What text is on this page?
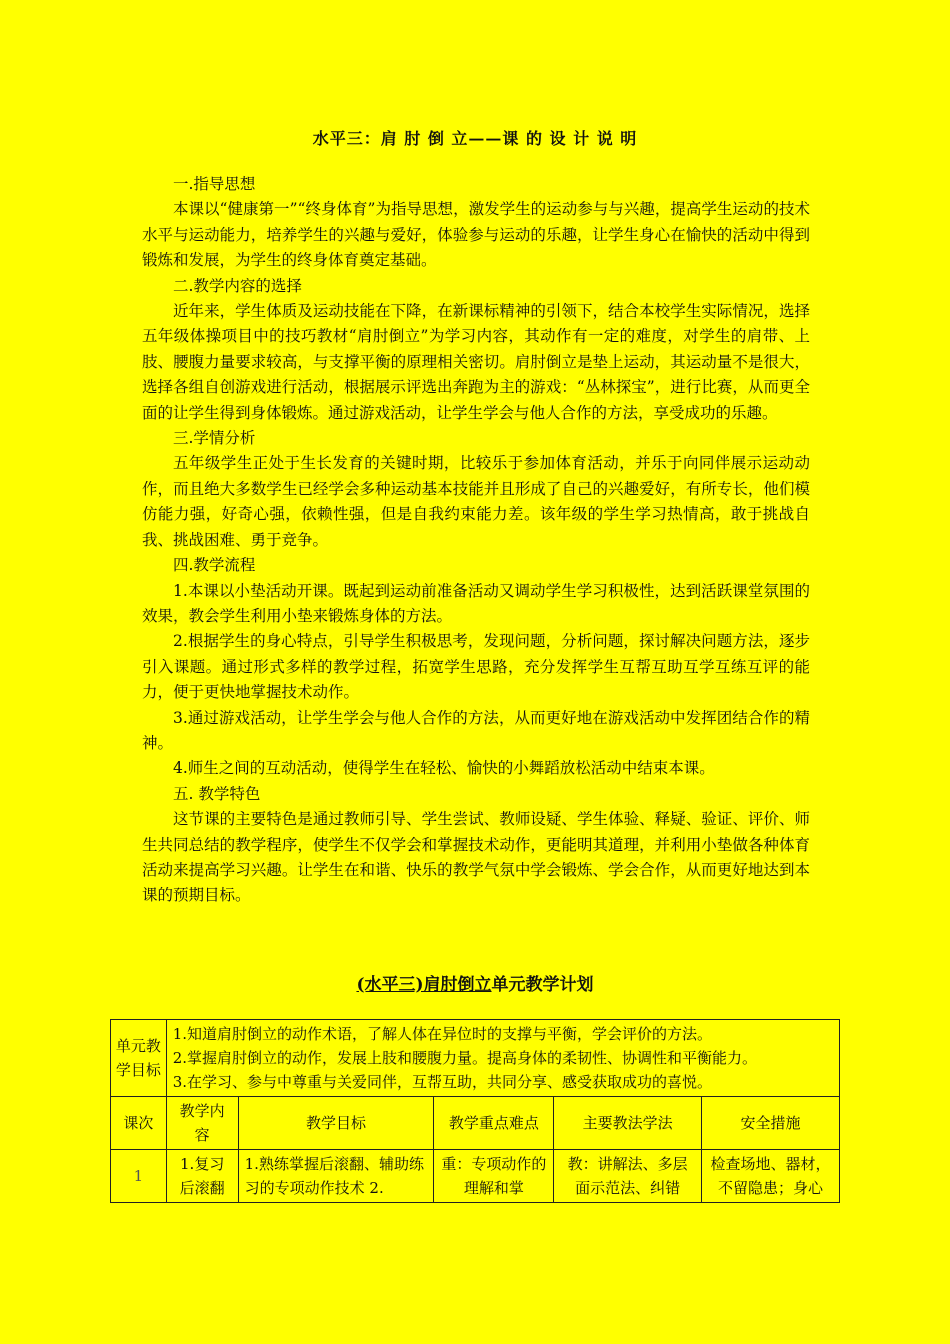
水平三：肩 肘 倒 立——课 的 设 计 说 明

一.指导思想

本课以“健康第一”“终身体育”为指导思想，激发学生的运动参与与兴趣，提高学生运动的技术水平与运动能力，培养学生的兴趣与爱好，体验参与运动的乐趣，让学生身心在愉快的活动中得到锻炼和发展，为学生的终身体育奠定基础。

二.教学内容的选择

近年来，学生体质及运动技能在下降，在新课标精神的引领下，结合本校学生实际情况，选择五年级体操项目中的技巧教材“肩肘倒立”为学习内容，其动作有一定的难度，对学生的肩带、上肢、腰腹力量要求较高，与支撑平衡的原理相关密切。肩肘倒立是垫上运动，其运动量不是很大，选择各组自创游戏进行活动，根据展示评选出奔跑为主的游戏：“丛林探宝”，进行比赛，从而更全面的让学生得到身体锻炼。通过游戏活动，让学生学会与他人合作的方法，享受成功的乐趣。

三.学情分析

五年级学生正处于生长发育的关键时期，比较乐于参加体育活动，并乐于向同伴展示运动动作，而且绝大多数学生已经学会多种运动基本技能并且形成了自己的兴趣爱好，有所专长，他们模仿能力强，好奇心强，依赖性强，但是自我约束能力差。该年级的学生学习热情高，敢于挑战自我、挑战困难、勇于竞争。

四.教学流程

1.本课以小垫活动开课。既起到运动前准备活动又调动学生学习积极性，达到活跃课堂氛围的效果，教会学生利用小垫来锻炼身体的方法。

2.根据学生的身心特点，引导学生积极思考，发现问题，分析问题，探讨解决问题方法，逐步引入课题。通过形式多样的教学过程，拓宽学生思路，充分发挥学生互帮互助互学互练互评的能力，便于更快地掌握技术动作。

3.通过游戏活动，让学生学会与他人合作的方法，从而更好地在游戏活动中发挥团结合作的精神。

4.师生之间的互动活动，使得学生在轻松、愉快的小舞蹈放松活动中结束本课。

五. 教学特色

这节课的主要特色是通过教师引导、学生尝试、教师设疑、学生体验、释疑、验证、评价、师生共同总结的教学程序，使学生不仅学会和掌握技术动作，更能明其道理，并利用小垫做各种体育活动来提高学习兴趣。让学生在和谐、快乐的教学气氛中学会锻炼、学会合作，从而更好地达到本课的预期目标。

(水平三)肩肘倒立单元教学计划
单元教学目标	1.知道肩肘倒立的动作术语，了解人体在异位时的支撑与平衡，学会评价的方法。
2.掌握肩肘倒立的动作，发展上肢和腰腹力量。提高身体的柔韧性、协调性和平衡能力。
3.在学习、参与中尊重与关爱同伴，互帮互助，共同分享、感受获取成功的喜悦。				

课次	教学内容	教学目标	教学重点难点	主要教法学法	安全措施
1	1.复习后滚翻	1.熟练掌握后滚翻、辅助练习的专项动作技术 2.	重：专项动作的理解和掌	教：讲解法、多层面示范法、纠错	检查场地、器材，不留隐患；身心
